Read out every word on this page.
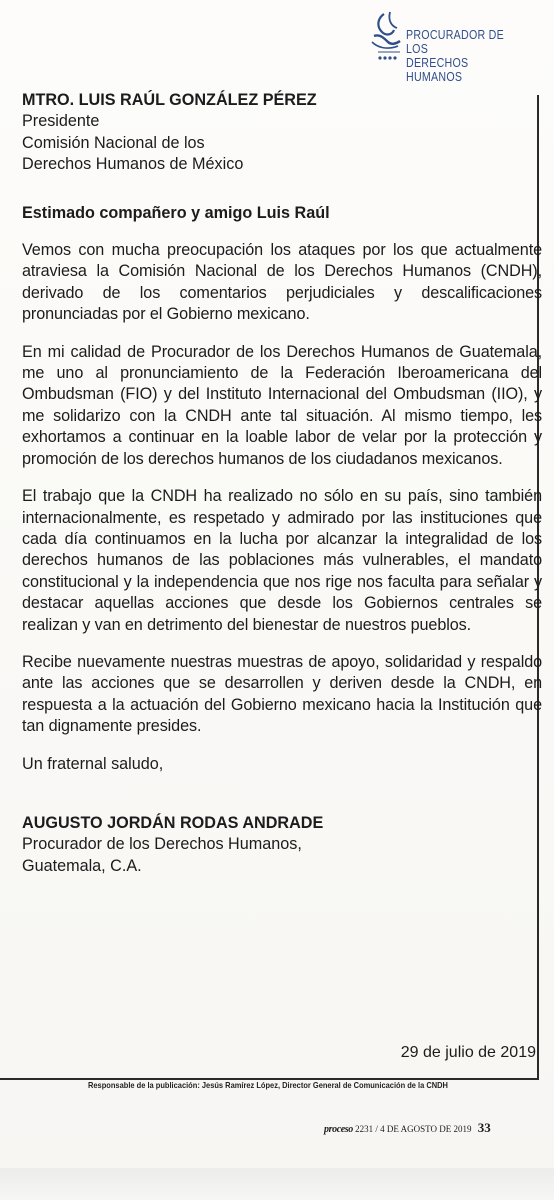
PROCURADOR DE LOS
DERECHOS HUMANOS
MTRO. LUIS RAÚL GONZÁLEZ PÉREZ
Presidente
Comisión Nacional de los
Derechos Humanos de México
Estimado compañero y amigo Luis Raúl
Vemos con mucha preocupación los ataques por los que actualmente atraviesa la Comisión Nacional de los Derechos Humanos (CNDH), derivado de los comentarios perjudiciales y descalificaciones pronunciadas por el Gobierno mexicano.
En mi calidad de Procurador de los Derechos Humanos de Guatemala, me uno al pronunciamiento de la Federación Iberoamericana del Ombudsman (FIO) y del Instituto Internacional del Ombudsman (IIO), y me solidarizo con la CNDH ante tal situación. Al mismo tiempo, les exhortamos a continuar en la loable labor de velar por la protección y promoción de los derechos humanos de los ciudadanos mexicanos.
El trabajo que la CNDH ha realizado no sólo en su país, sino también internacionalmente, es respetado y admirado por las instituciones que cada día continuamos en la lucha por alcanzar la integralidad de los derechos humanos de las poblaciones más vulnerables, el mandato constitucional y la independencia que nos rige nos faculta para señalar y destacar aquellas acciones que desde los Gobiernos centrales se realizan y van en detrimento del bienestar de nuestros pueblos.
Recibe nuevamente nuestras muestras de apoyo, solidaridad y respaldo ante las acciones que se desarrollen y deriven desde la CNDH, en respuesta a la actuación del Gobierno mexicano hacia la Institución que tan dignamente presides.
Un fraternal saludo,
AUGUSTO JORDÁN RODAS ANDRADE
Procurador de los Derechos Humanos,
Guatemala, C.A.
29 de julio de 2019
Responsable de la publicación: Jesús Ramírez López, Director General de Comunicación de la CNDH
proceso 2231 / 4 DE AGOSTO DE 2019 33
